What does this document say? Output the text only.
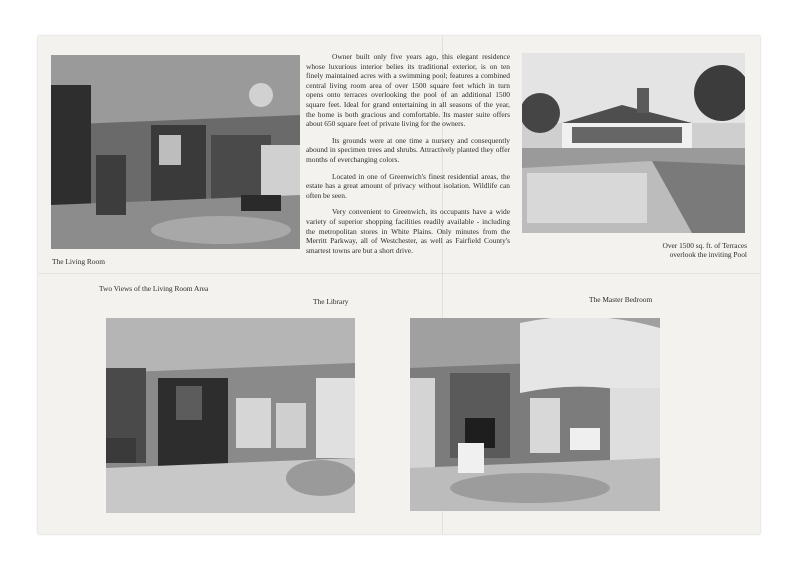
Owner built only five years ago, this elegant residence whose luxurious interior belies its traditional exterior, is on ten finely maintained acres with a swimming pool; features a combined central living room area of over 1500 square feet which in turn opens onto terraces overlooking the pool of an additional 1500 square feet. Ideal for grand entertaining in all seasons of the year, the home is both gracious and comfortable. Its master suite offers about 650 square feet of private living for the owners.

Its grounds were at one time a nursery and consequently abound in specimen trees and shrubs. Attractively planted they offer months of everchanging colors.

Located in one of Greenwich's finest residential areas, the estate has a great amount of privacy without isolation. Wildlife can often be seen.

Very convenient to Greenwich, its occupants have a wide variety of superior shopping facilities readily available - including the metropolitan stores in White Plains. Only minutes from the Merritt Parkway, all of Westchester, as well as Fairfield County's smartest towns are but a short drive.

The Living Room
Over 1500 sq. ft. of Terraces
overlook the inviting Pool
Two Views of the Living Room Area
The Library	The Master Bedroom
